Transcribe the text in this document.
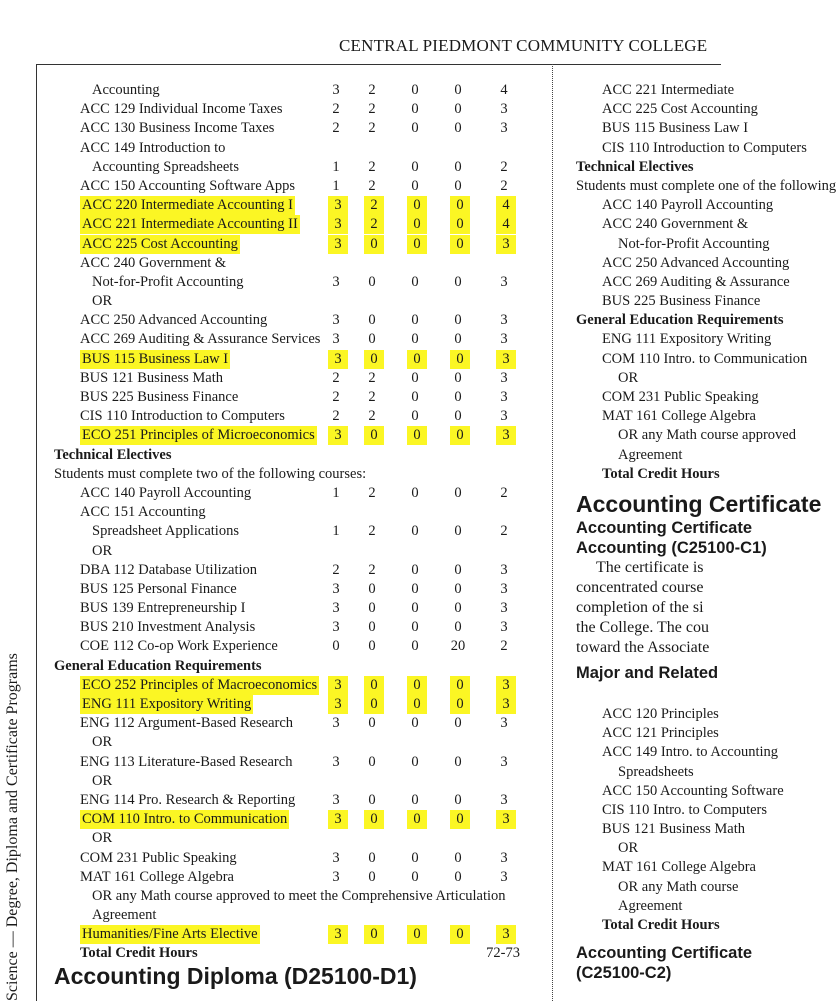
CENTRAL PIEDMONT COMMUNITY COLLEGE
Science — Degree, Diploma and Certificate Programs
Accounting	3	2	0	0	4
ACC 129 Individual Income Taxes	2	2	0	0	3
ACC 130 Business Income Taxes	2	2	0	0	3
ACC 149 Introduction to
Accounting Spreadsheets	1	2	0	0	2
ACC 150 Accounting Software Apps	1	2	0	0	2
ACC 220 Intermediate Accounting I	3	2	0	0	4
ACC 221 Intermediate Accounting II	3	2	0	0	4
ACC 225 Cost Accounting	3	0	0	0	3
ACC 240 Government &
Not-for-Profit Accounting	3	0	0	0	3
OR
ACC 250 Advanced Accounting	3	0	0	0	3
ACC 269 Auditing & Assurance Services 3	0	0	0	3
BUS 115 Business Law I	3	0	0	0	3
BUS 121 Business Math	2	2	0	0	3
BUS 225 Business Finance	2	2	0	0	3
CIS 110 Introduction to Computers	2	2	0	0	3
ECO 251 Principles of Microeconomics	3	0	0	0	3
Technical Electives
Students must complete two of the following courses:
ACC 140 Payroll Accounting	1	2	0	0	2
ACC 151 Accounting
Spreadsheet Applications	1	2	0	0	2
OR
DBA 112 Database Utilization	2	2	0	0	3
BUS 125 Personal Finance	3	0	0	0	3
BUS 139 Entrepreneurship I	3	0	0	0	3
BUS 210 Investment Analysis	3	0	0	0	3
COE 112 Co-op Work Experience	0	0	0	20	2
General Education Requirements
ECO 252 Principles of Macroeconomics	3	0	0	0	3
ENG 111 Expository Writing	3	0	0	0	3
ENG 112 Argument-Based Research	3	0	0	0	3
OR
ENG 113 Literature-Based Research	3	0	0	0	3
OR
ENG 114 Pro. Research & Reporting	3	0	0	0	3
COM 110 Intro. to Communication	3	0	0	0	3
OR
COM 231 Public Speaking	3	0	0	0	3
MAT 161 College Algebra	3	0	0	0	3
OR any Math course approved to meet the Comprehensive Articulation
Agreement
Humanities/Fine Arts Elective	3	0	0	0	3
Total Credit Hours	72-73
Accounting Diploma (D25100-D1)
ACC 221 Intermediate
ACC 225 Cost Accounting
BUS 115 Business Law I
CIS 110 Introduction to Computers
Technical Electives
Students must complete one of the following
ACC 140 Payroll Accounting
ACC 240 Government &
Not-for-Profit Accounting
ACC 250 Advanced Accounting
ACC 269 Auditing & Assurance
BUS 225 Business Finance
General Education Requirements
ENG 111 Expository Writing
COM 110 Intro. to Communication
OR
COM 231 Public Speaking
MAT 161 College Algebra
OR any Math course approved
Agreement
Total Credit Hours
Accounting Certificate
Accounting Certificate
Accounting (C25100-C1)
The certificate is
concentrated course
completion of the si
the College. The cou
toward the Associate
Major and Related
ACC 120 Principles
ACC 121 Principles
ACC 149 Intro. to Accounting
Spreadsheets
ACC 150 Accounting Software
CIS 110 Intro. to Computers
BUS 121 Business Math
OR
MAT 161 College Algebra
OR any Math course
Agreement
Total Credit Hours
Accounting Certificate
(C25100-C2)
